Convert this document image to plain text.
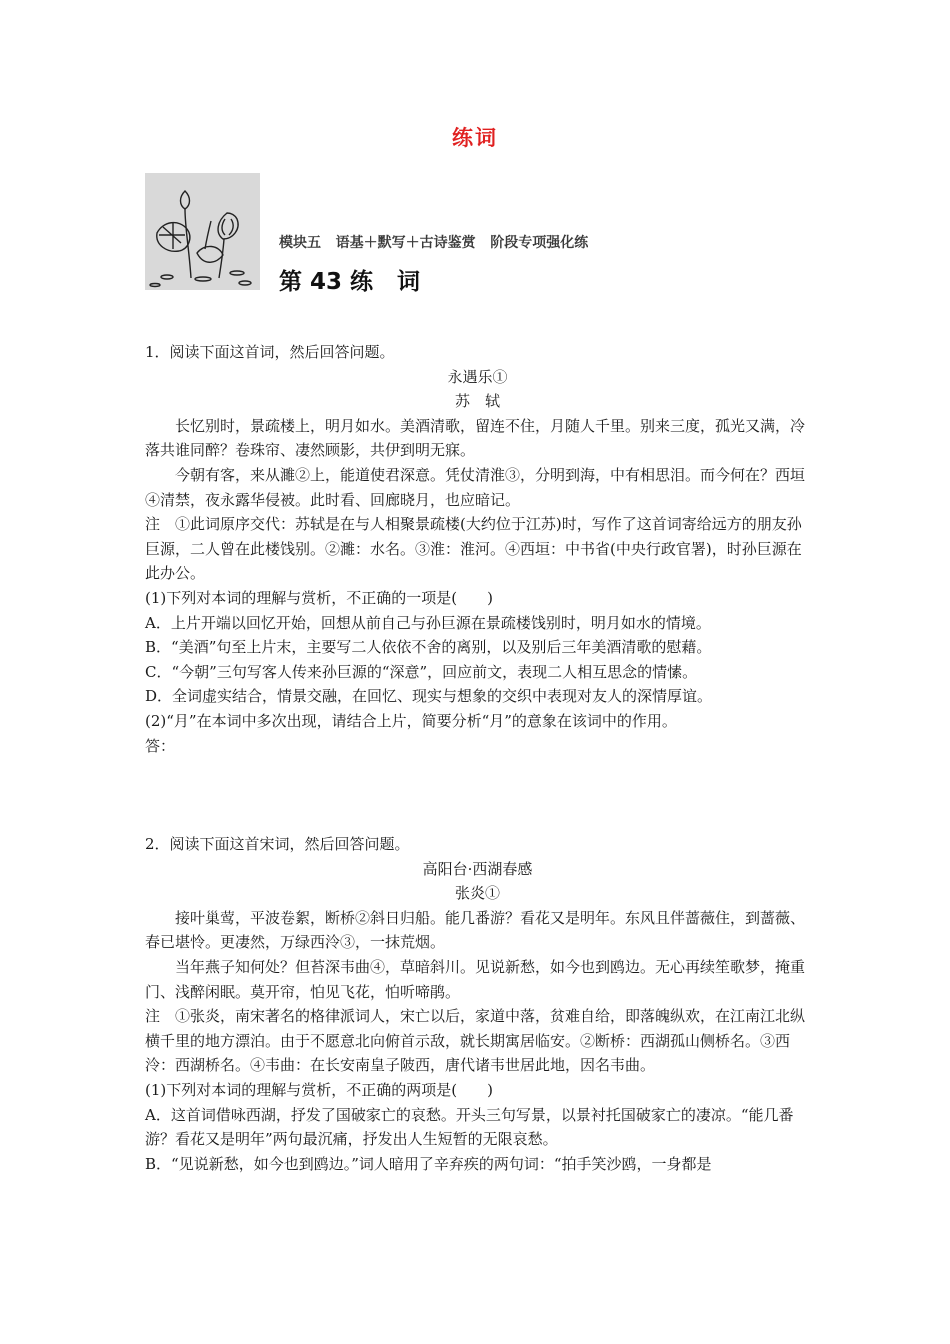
练词
模块五   语基＋默写＋古诗鉴赏   阶段专项强化练
第 43 练   词

1．阅读下面这首词，然后回答问题。

永遇乐①

苏　轼

长忆别时，景疏楼上，明月如水。美酒清歌，留连不住，月随人千里。别来三度，孤光又满，冷落共谁同醉？卷珠帘、凄然顾影，共伊到明无寐。

今朝有客，来从濉②上，能道使君深意。凭仗清淮③，分明到海，中有相思泪。而今何在？西垣④清禁，夜永露华侵被。此时看、回廊晓月，也应暗记。

注　①此词原序交代：苏轼是在与人相聚景疏楼(大约位于江苏)时，写作了这首词寄给远方的朋友孙巨源，二人曾在此楼饯别。②濉：水名。③淮：淮河。④西垣：中书省(中央行政官署)，时孙巨源在此办公。

(1)下列对本词的理解与赏析，不正确的一项是(　　)

A．上片开端以回忆开始，回想从前自己与孙巨源在景疏楼饯别时，明月如水的情境。

B．“美酒”句至上片末，主要写二人依依不舍的离别，以及别后三年美酒清歌的慰藉。

C．“今朝”三句写客人传来孙巨源的“深意”，回应前文，表现二人相互思念的情愫。

D．全词虚实结合，情景交融，在回忆、现实与想象的交织中表现对友人的深情厚谊。

(2)“月”在本词中多次出现，请结合上片，简要分析“月”的意象在该词中的作用。

答：

2．阅读下面这首宋词，然后回答问题。

高阳台·西湖春感

张炎①

接叶巢莺，平波卷絮，断桥②斜日归船。能几番游？看花又是明年。东风且伴蔷薇住，到蔷薇、春已堪怜。更凄然，万绿西泠③，一抹荒烟。

当年燕子知何处？但苔深韦曲④，草暗斜川。见说新愁，如今也到鸥边。无心再续笙歌梦，掩重门、浅醉闲眠。莫开帘，怕见飞花，怕听啼鹃。

注　①张炎，南宋著名的格律派词人，宋亡以后，家道中落，贫难自给，即落魄纵欢，在江南江北纵横千里的地方漂泊。由于不愿意北向俯首示敌，就长期寓居临安。②断桥：西湖孤山侧桥名。③西泠：西湖桥名。④韦曲：在长安南皇子陂西，唐代诸韦世居此地，因名韦曲。

(1)下列对本词的理解与赏析，不正确的两项是(　　)

A．这首词借咏西湖，抒发了国破家亡的哀愁。开头三句写景，以景衬托国破家亡的凄凉。“能几番游？看花又是明年”两句最沉痛，抒发出人生短暂的无限哀愁。

B．“见说新愁，如今也到鸥边。”词人暗用了辛弃疾的两句词：“拍手笑沙鸥，一身都是
